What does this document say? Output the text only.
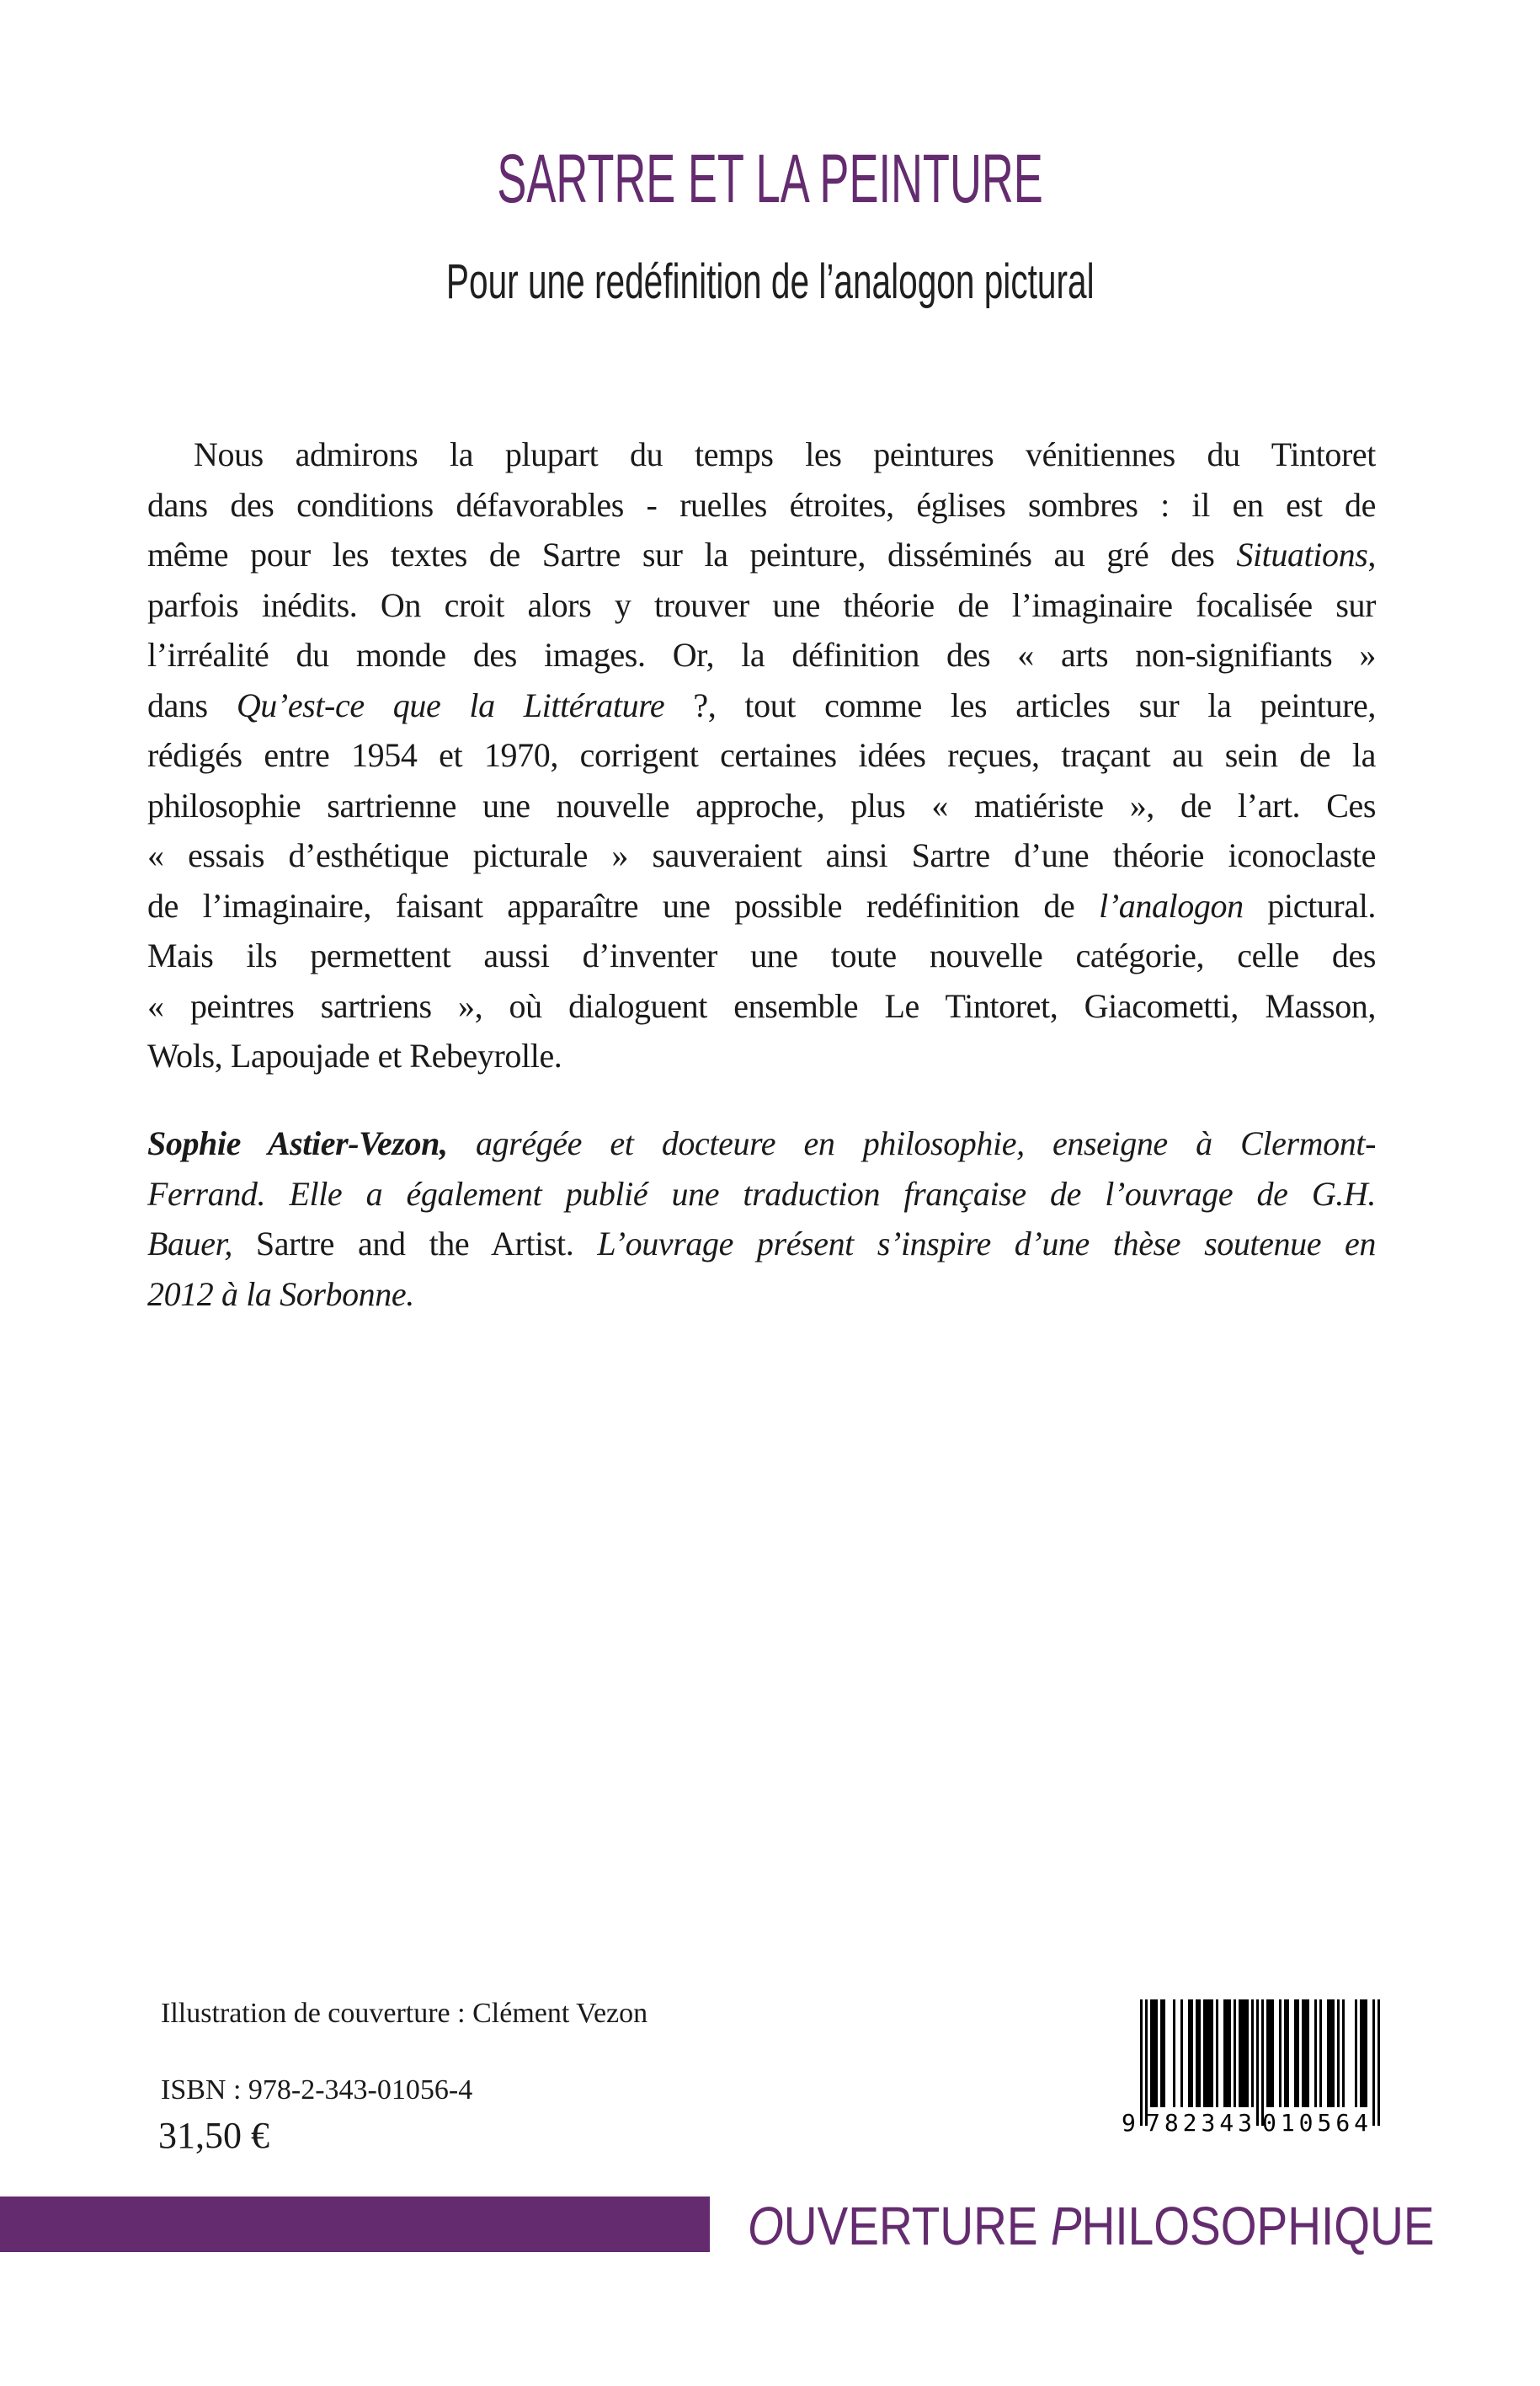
SARTRE ET LA PEINTURE
Pour une redéfinition de l’analogon pictural
Nous admirons la plupart du temps les peintures vénitiennes du Tintoret
dans des conditions défavorables - ruelles étroites, églises sombres : il en est de
même pour les textes de Sartre sur la peinture, disséminés au gré des Situations,
parfois inédits. On croit alors y trouver une théorie de l’imaginaire focalisée sur
l’irréalité du monde des images. Or, la définition des « arts non-signifiants »
dans Qu’est-ce que la Littérature ?, tout comme les articles sur la peinture,
rédigés entre 1954 et 1970, corrigent certaines idées reçues, traçant au sein de la
philosophie sartrienne une nouvelle approche, plus « matiériste », de l’art. Ces
« essais d’esthétique picturale » sauveraient ainsi Sartre d’une théorie iconoclaste
de l’imaginaire, faisant apparaître une possible redéfinition de l’analogon pictural.
Mais ils permettent aussi d’inventer une toute nouvelle catégorie, celle des
« peintres sartriens », où dialoguent ensemble Le Tintoret, Giacometti, Masson,
Wols, Lapoujade et Rebeyrolle.
Sophie Astier-Vezon, agrégée et docteure en philosophie, enseigne à Clermont-
Ferrand. Elle a également publié une traduction française de l’ouvrage de G.H.
Bauer, Sartre and the Artist. L’ouvrage présent s’inspire d’une thèse soutenue en
2012 à la Sorbonne.
Illustration de couverture : Clément Vezon
ISBN : 978-2-343-01056-4
31,50 €	9 782343 010564
OUVERTURE PHILOSOPHIQUE
